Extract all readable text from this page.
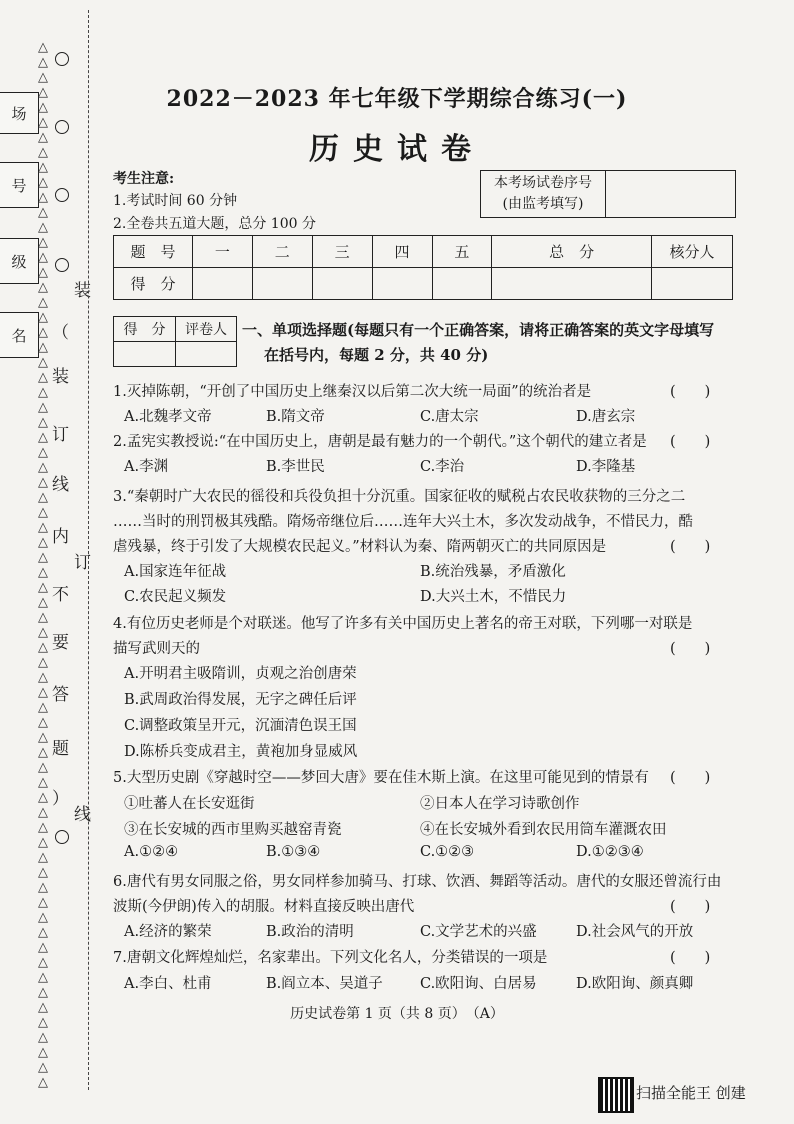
场
号
级
名
△
△
△
△
△
△
△
△
△
△
△
△
△
△
△
△
△
△
△
△
△
△
△
△
△
△
△
△
△
△
△
△
△
△
△
△
△
△
△
△
△
△
△
△
△
△
△
△
△
△
△
△
△
△
△
△
△
△
△
△
△
△
△
△
△
△
△
△
△
△
（
装
订
线
内
不
要
答
题
）
装
订
线
2022－2023 年七年级下学期综合练习(一)
历史试卷
考生注意:
1.考试时间 60 分钟
2.全卷共五道大题，总分 100 分
本考场试卷序号
(由监考填写)
题　号	一	二	三	四	五	总　分	核分人
得　分							
得　分	评卷人
	一、单项选择题(每题只有一个正确答案，请将正确答案的英文字母填写
在括号内，每题 2 分，共 40 分)
1.灭掉陈朝，“开创了中国历史上继秦汉以后第二次大统一局面”的统治者是	(　　)
A.北魏孝文帝	B.隋文帝	C.唐太宗	D.唐玄宗
2.孟宪实教授说:“在中国历史上，唐朝是最有魅力的一个朝代。”这个朝代的建立者是	(　　)
A.李渊	B.李世民	C.李治	D.李隆基
3.“秦朝时广大农民的徭役和兵役负担十分沉重。国家征收的赋税占农民收获物的三分之二
……当时的刑罚极其残酷。隋炀帝继位后……连年大兴土木，多次发动战争，不惜民力，酷
虐残暴，终于引发了大规模农民起义。”材料认为秦、隋两朝灭亡的共同原因是	(　　)
A.国家连年征战	B.统治残暴，矛盾激化
C.农民起义频发	D.大兴土木，不惜民力
4.有位历史老师是个对联迷。他写了许多有关中国历史上著名的帝王对联，下列哪一对联是
描写武则天的	(　　)
A.开明君主吸隋训，贞观之治创唐荣
B.武周政治得发展，无字之碑任后评
C.调整政策呈开元，沉湎清色误王国
D.陈桥兵变成君主，黄袍加身显威风
5.大型历史剧《穿越时空——梦回大唐》要在佳木斯上演。在这里可能见到的情景有	(　　)
①吐蕃人在长安逛街	②日本人在学习诗歌创作
③在长安城的西市里购买越窑青瓷	④在长安城外看到农民用筒车灌溉农田
A.①②④	B.①③④	C.①②③	D.①②③④
6.唐代有男女同服之俗，男女同样参加骑马、打球、饮酒、舞蹈等活动。唐代的女服还曾流行由
波斯(今伊朗)传入的胡服。材料直接反映出唐代	(　　)
A.经济的繁荣	B.政治的清明	C.文学艺术的兴盛	D.社会风气的开放
7.唐朝文化辉煌灿烂，名家辈出。下列文化名人，分类错误的一项是	(　　)
A.李白、杜甫	B.阎立本、吴道子	C.欧阳询、白居易	D.欧阳询、颜真卿
历史试卷第 1 页（共 8 页）　（A）
扫描全能王 创建
